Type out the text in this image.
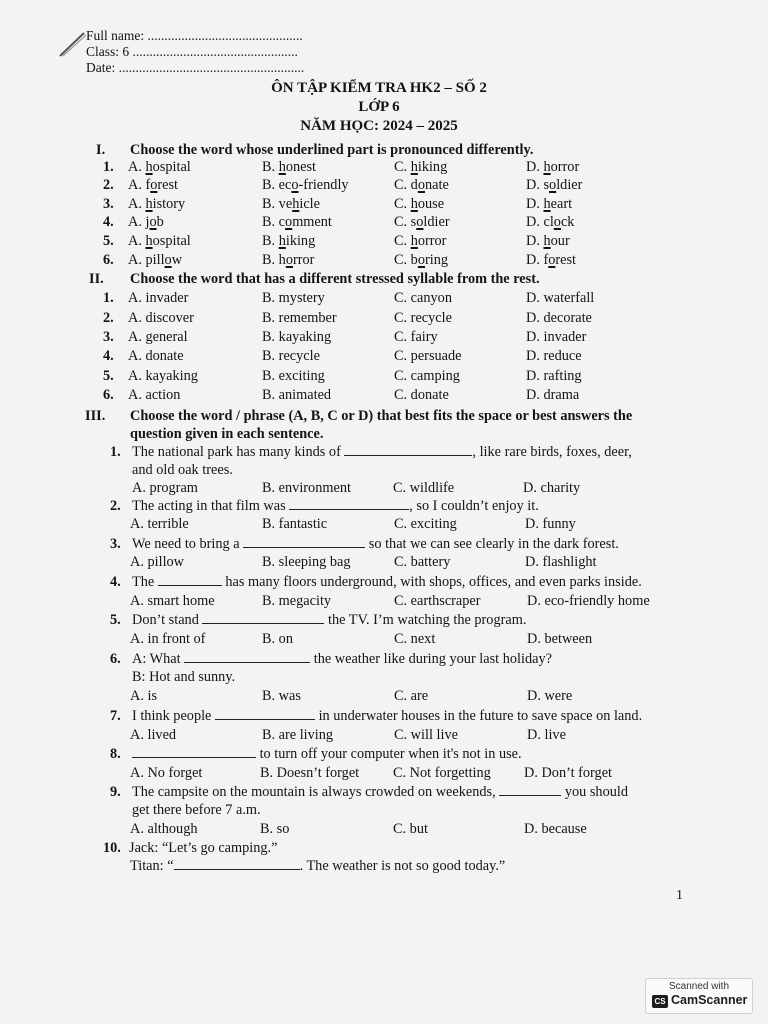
Full name: ..............................................
Class: 6 .................................................
Date: .......................................................
ÔN TẬP KIỂM TRA HK2 – SỐ 2
LỚP 6
NĂM HỌC: 2024 – 2025
I. Choose the word whose underlined part is pronounced differently.
1. A. hospital	B. honest	C. hiking	D. horror
2. A. forest	B. eco-friendly	C. donate	D. soldier
3. A. history	B. vehicle	C. house	D. heart
4. A. job	B. comment	C. soldier	D. clock
5. A. hospital	B. hiking	C. horror	D. hour
6. A. pillow	B. horror	C. boring	D. forest
II. Choose the word that has a different stressed syllable from the rest.
1. A. invader	B. mystery	C. canyon	D. waterfall
2. A. discover	B. remember	C. recycle	D. decorate
3. A. general	B. kayaking	C. fairy	D. invader
4. A. donate	B. recycle	C. persuade	D. reduce
5. A. kayaking	B. exciting	C. camping	D. rafting
6. A. action	B. animated	C. donate	D. drama
III. Choose the word / phrase (A, B, C or D) that best fits the space or best answers the
question given in each sentence.
1. The national park has many kinds of	, like rare birds, foxes, deer,
and old oak trees.
A. program	B. environment	C. wildlife	D. charity
2. The acting in that film was	, so I couldn’t enjoy it.
A. terrible	B. fantastic	C. exciting	D. funny
3. We need to bring a	so that we can see clearly in the dark forest.
A. pillow	B. sleeping bag	C. battery	D. flashlight
4. The	has many floors underground, with shops, offices, and even parks inside.
A. smart home	B. megacity	C. earthscraper	D. eco-friendly home
5. Don’t stand	the TV. I’m watching the program.
A. in front of	B. on	C. next	D. between
6. A: What	the weather like during your last holiday?
B: Hot and sunny.
A. is	B. was	C. are	D. were
7. I think people	in underwater houses in the future to save space on land.
A. lived	B. are living	C. will live	D. live
8.	to turn off your computer when it's not in use.
A. No forget	B. Doesn’t forget C. Not forgetting D. Don’t forget
9. The campsite on the mountain is always crowded on weekends,	you should
get there before 7 a.m.
A. although	B. so	C. but	D. because
10. Jack: “Let’s go camping.”
Titan: “	. The weather is not so good today.”
1
Scanned with
CS CamScanner
